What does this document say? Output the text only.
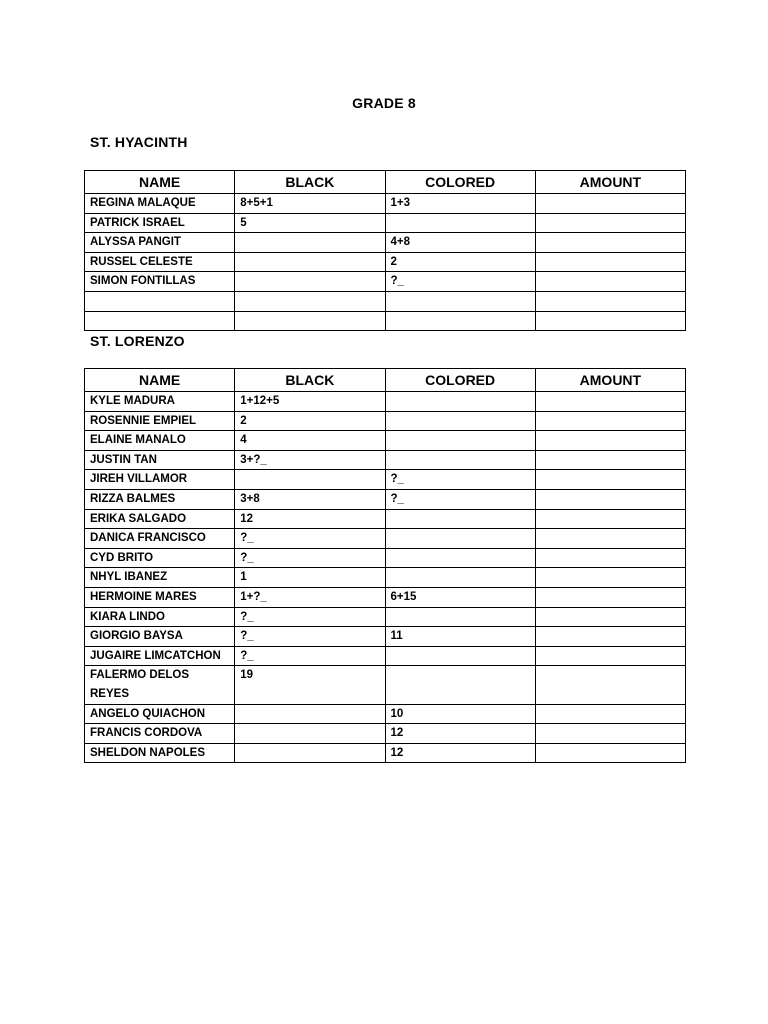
GRADE 8
ST. HYACINTH
NAME	BLACK	COLORED	AMOUNT
REGINA MALAQUE	8+5+1	1+3	
PATRICK ISRAEL	5		
ALYSSA PANGIT		4+8	
RUSSEL CELESTE		2	
SIMON FONTILLAS		?_	

ST. LORENZO
NAME	BLACK	COLORED	AMOUNT
KYLE MADURA	1+12+5		
ROSENNIE EMPIEL	2		
ELAINE MANALO	4		
JUSTIN TAN	3+?_		
JIREH VILLAMOR		?_	
RIZZA BALMES	3+8	?_	
ERIKA SALGADO	12		
DANICA FRANCISCO	?_		
CYD BRITO	?_		
NHYL IBANEZ	1		
HERMOINE MARES	1+?_	6+15	
KIARA LINDO	?_		
GIORGIO BAYSA	?_	11	
JUGAIRE LIMCATCHON	?_		
FALERMO DELOS REYES	19		
ANGELO QUIACHON		10	
FRANCIS CORDOVA		12	
SHELDON NAPOLES		12	
